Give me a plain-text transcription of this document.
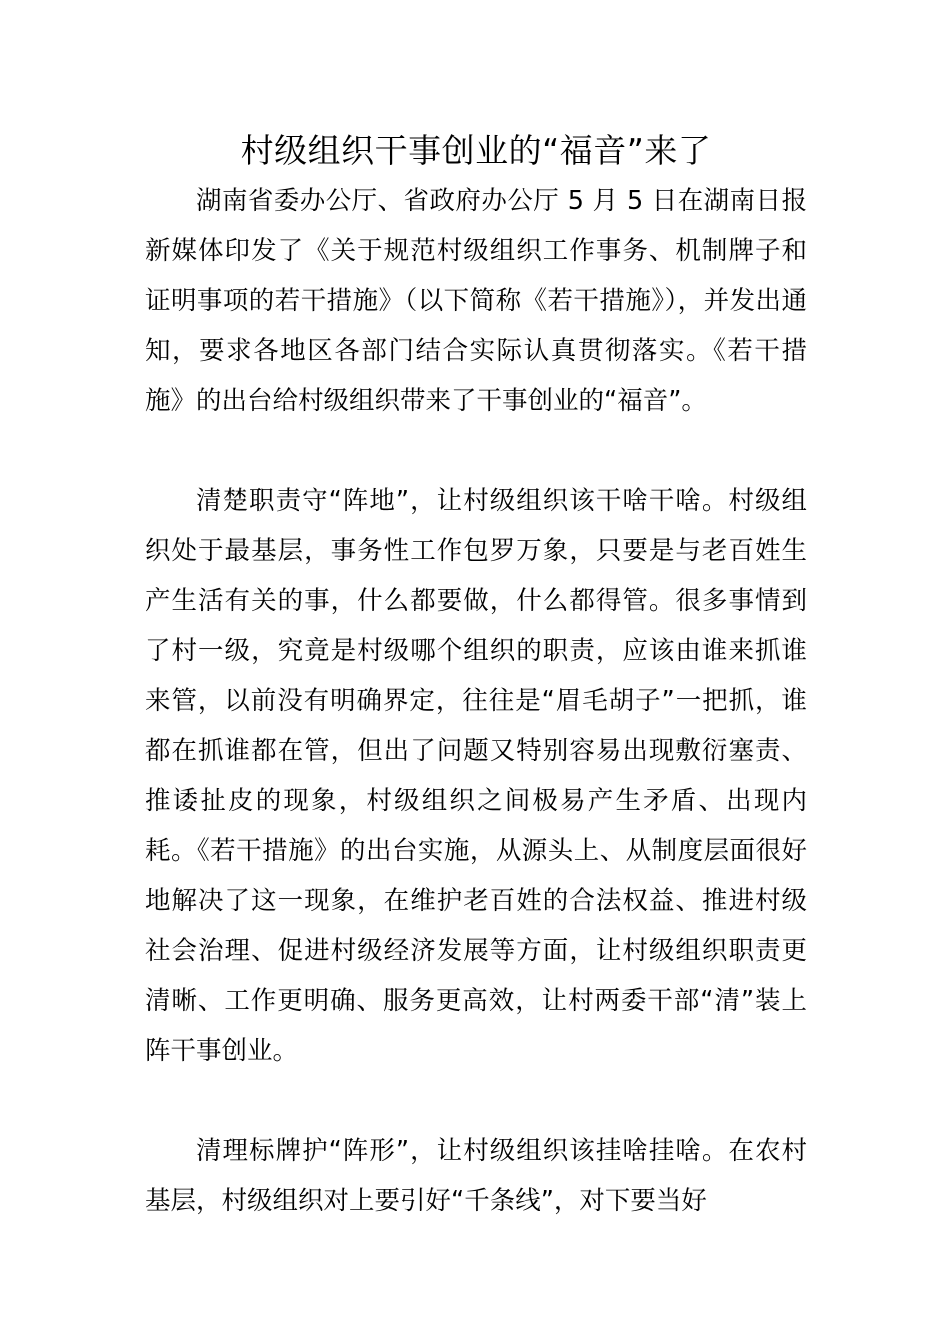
村级组织干事创业的“福音”来了

湖南省委办公厅、省政府办公厅 5 月 5 日在湖南日报新媒体印发了《关于规范村级组织工作事务、机制牌子和证明事项的若干措施》（以下简称《若干措施》），并发出通知，要求各地区各部门结合实际认真贯彻落实。《若干措施》的出台给村级组织带来了干事创业的“福音”。

清楚职责守“阵地”，让村级组织该干啥干啥。村级组织处于最基层，事务性工作包罗万象，只要是与老百姓生产生活有关的事，什么都要做，什么都得管。很多事情到了村一级，究竟是村级哪个组织的职责，应该由谁来抓谁来管，以前没有明确界定，往往是“眉毛胡子”一把抓，谁都在抓谁都在管，但出了问题又特别容易出现敷衍塞责、推诿扯皮的现象，村级组织之间极易产生矛盾、出现内耗。《若干措施》的出台实施，从源头上、从制度层面很好地解决了这一现象，在维护老百姓的合法权益、推进村级社会治理、促进村级经济发展等方面，让村级组织职责更清晰、工作更明确、服务更高效，让村两委干部“清”装上阵干事创业。

清理标牌护“阵形”，让村级组织该挂啥挂啥。在农村基层，村级组织对上要引好“千条线”，对下要当好
